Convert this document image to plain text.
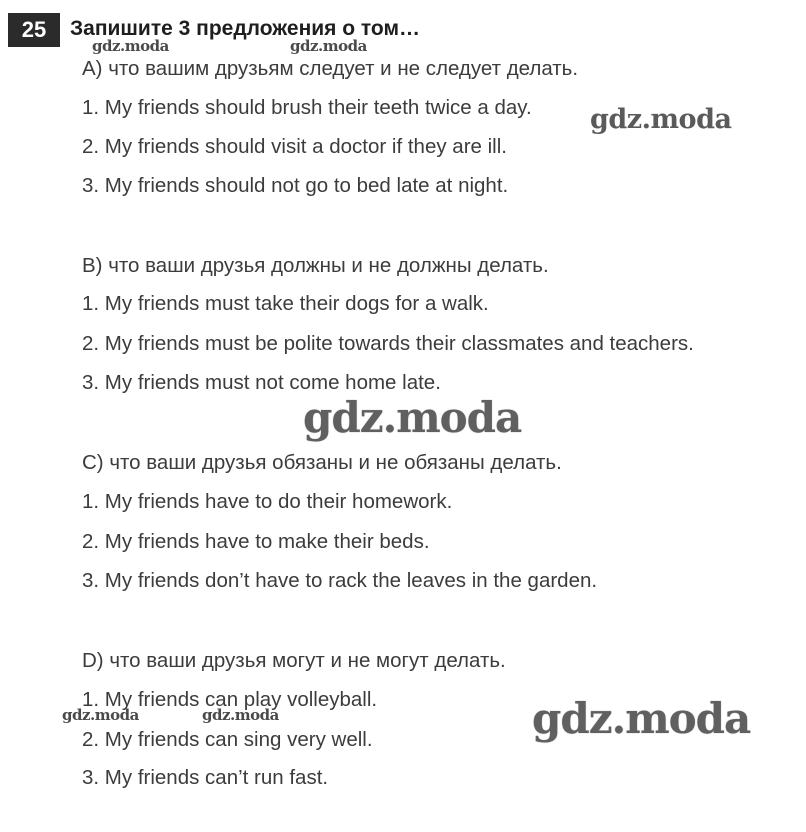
25	Запишите 3 предложения о том…
A) что вашим друзьям следует и не следует делать.
1. My friends should brush their teeth twice a day.
2. My friends should visit a doctor if they are ill.
3. My friends should not go to bed late at night.
B) что ваши друзья должны и не должны делать.
1. My friends must take their dogs for a walk.
2. My friends must be polite towards their classmates and teachers.
3. My friends must not come home late.
C) что ваши друзья обязаны и не обязаны делать.
1. My friends have to do their homework.
2. My friends have to make their beds.
3. My friends don’t have to rack the leaves in the garden.
D) что ваши друзья могут и не могут делать.
1. My friends can play volleyball.
2. My friends can sing very well.
3. My friends can’t run fast.
gdz.moda	gdz.moda
gdz.moda
gdz.moda
gdz.moda	gdz.moda	gdz.moda
